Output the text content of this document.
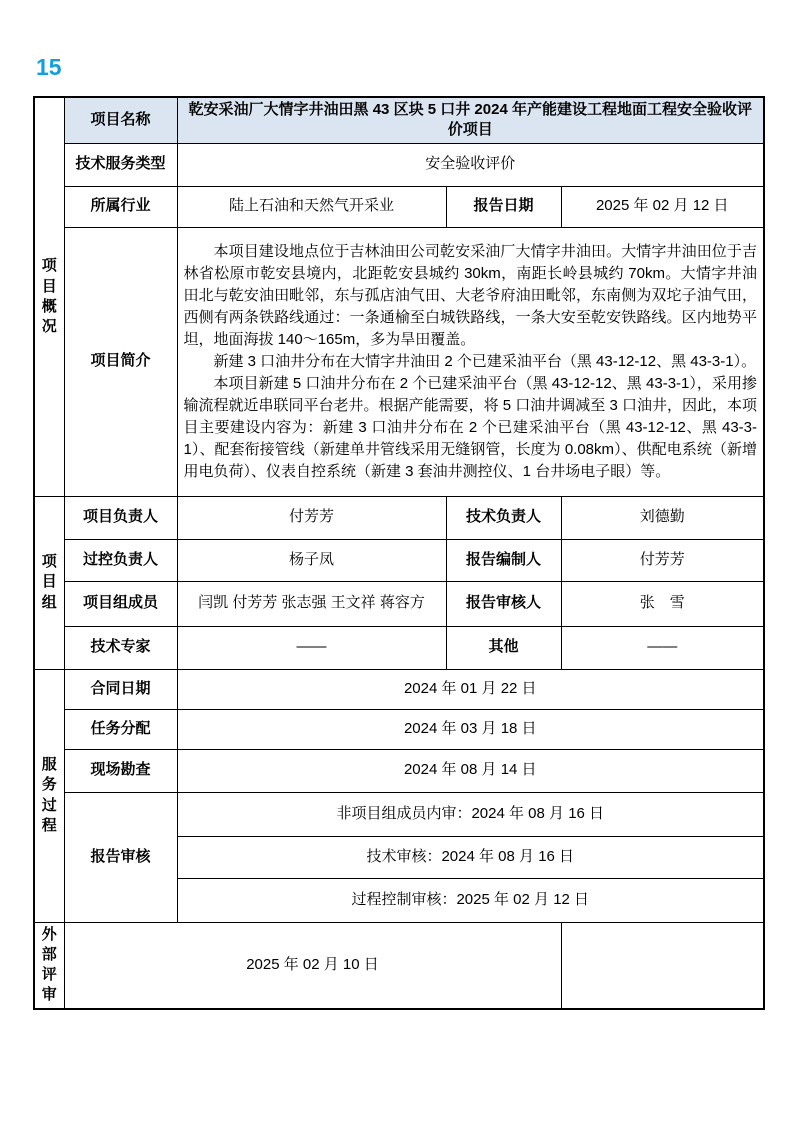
15
项目概况	项目名称	乾安采油厂大情字井油田黑 43 区块 5 口井 2024 年产能建设工程地面工程安全验收评价项目		
	技术服务类型	安全验收评价		
	所属行业	陆上石油和天然气开采业	报告日期	2025 年 02 月 12 日
	项目简介	本项目建设地点位于吉林油田公司乾安采油厂大情字井油田。大情字井油田位于吉林省松原市乾安县境内，北距乾安县城约 30km，南距长岭县城约 70km。大情字井油田北与乾安油田毗邻，东与孤店油气田、大老爷府油田毗邻，东南侧为双坨子油气田，西侧有两条铁路线通过：一条通榆至白城铁路线，一条大安至乾安铁路线。区内地势平坦，地面海拔 140～165m，多为旱田覆盖。

新建 3 口油井分布在大情字井油田 2 个已建采油平台（黑 43-12-12、黑 43-3-1）。

本项目新建 5 口油井分布在 2 个已建采油平台（黑 43-12-12、黑 43-3-1），采用掺输流程就近串联同平台老井。根据产能需要，将 5 口油井调减至 3 口油井，因此，本项目主要建设内容为：新建 3 口油井分布在 2 个已建采油平台（黑 43-12-12、黑 43-3-1）、配套衔接管线（新建单井管线采用无缝钢管，长度为 0.08km）、供配电系统（新增用电负荷）、仪表自控系统（新建 3 套油井测控仪、1 台井场电子眼）等。		

项目组	项目负责人	付芳芳	技术负责人	刘德勤
	过控负责人	杨子凤	报告编制人	付芳芳
	项目组成员	闫凯 付芳芳 张志强 王文祥 蒋容方	报告审核人	张　雪
	技术专家	——	其他	——
服务过程	合同日期	2024 年 01 月 22 日		
	任务分配	2024 年 03 月 18 日		
	现场勘查	2024 年 08 月 14 日		
	报告审核	非项目组成员内审：2024 年 08 月 16 日		
		技术审核：2024 年 08 月 16 日		
		过程控制审核：2025 年 02 月 12 日		
外部评审	2025 年 02 月 10 日			
